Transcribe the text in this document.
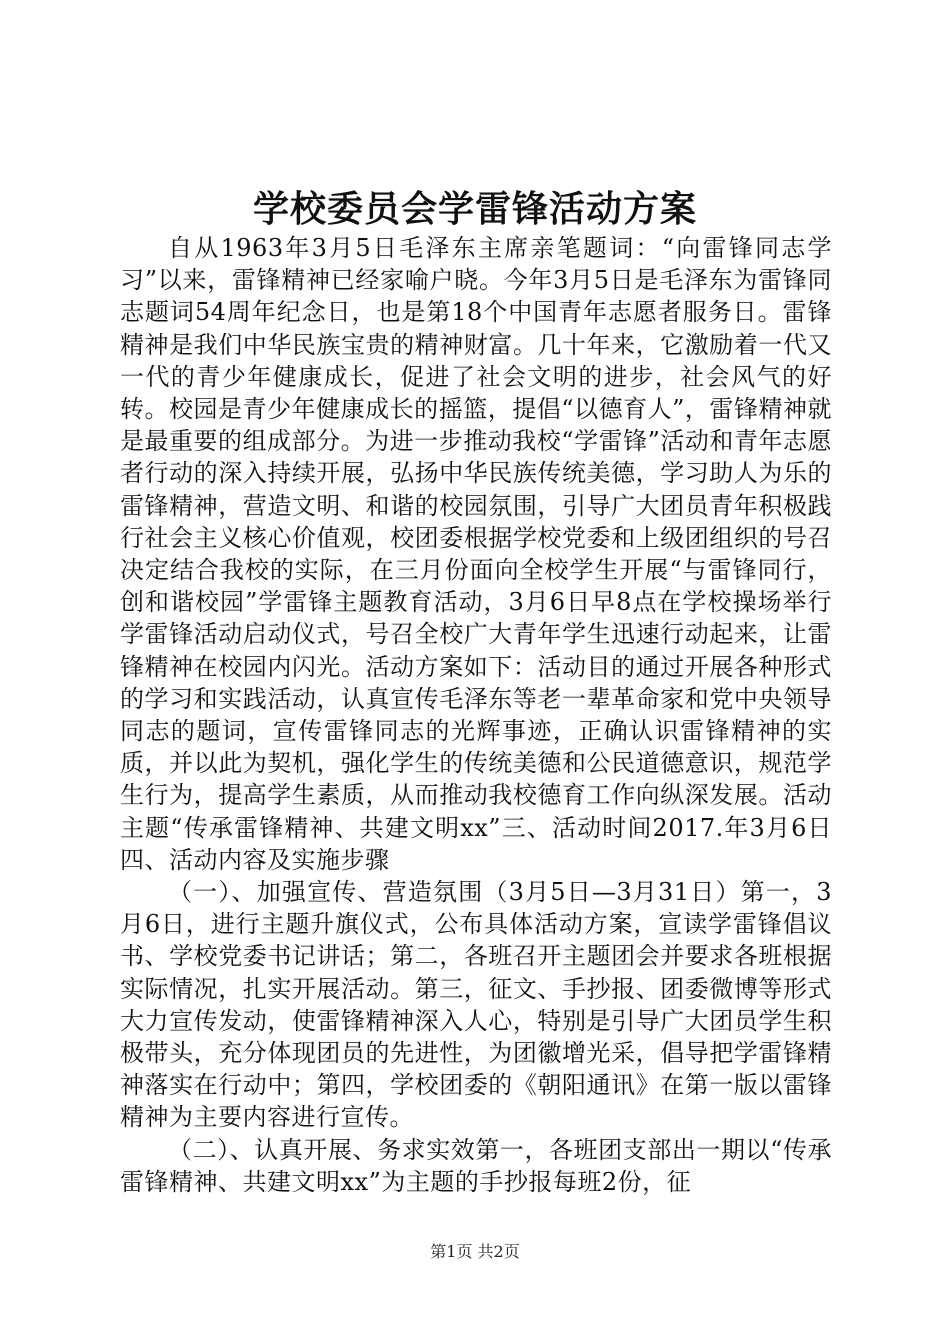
学校委员会学雷锋活动方案

自从1963年3月5日毛泽东主席亲笔题词：“向雷锋同志学习”以来，雷锋精神已经家喻户晓。今年3月5日是毛泽东为雷锋同志题词54周年纪念日，也是第18个中国青年志愿者服务日。雷锋精神是我们中华民族宝贵的精神财富。几十年来，它激励着一代又一代的青少年健康成长，促进了社会文明的进步，社会风气的好转。校园是青少年健康成长的摇篮，提倡“以德育人”，雷锋精神就是最重要的组成部分。为进一步推动我校“学雷锋”活动和青年志愿者行动的深入持续开展，弘扬中华民族传统美德，学习助人为乐的雷锋精神，营造文明、和谐的校园氛围，引导广大团员青年积极践行社会主义核心价值观，校团委根据学校党委和上级团组织的号召决定结合我校的实际，在三月份面向全校学生开展“与雷锋同行，创和谐校园”学雷锋主题教育活动，3月6日早8点在学校操场举行学雷锋活动启动仪式，号召全校广大青年学生迅速行动起来，让雷锋精神在校园内闪光。活动方案如下：活动目的通过开展各种形式的学习和实践活动，认真宣传毛泽东等老一辈革命家和党中央领导同志的题词，宣传雷锋同志的光辉事迹，正确认识雷锋精神的实质，并以此为契机，强化学生的传统美德和公民道德意识，规范学生行为，提高学生素质，从而推动我校德育工作向纵深发展。活动主题“传承雷锋精神、共建文明xx”三、活动时间2017.年3月6日四、活动内容及实施步骤

（一）、加强宣传、营造氛围（3月5日—3月31日）第一，3月6日，进行主题升旗仪式，公布具体活动方案，宣读学雷锋倡议书、学校党委书记讲话；第二，各班召开主题团会并要求各班根据实际情况，扎实开展活动。第三，征文、手抄报、团委微博等形式大力宣传发动，使雷锋精神深入人心，特别是引导广大团员学生积极带头，充分体现团员的先进性，为团徽增光采，倡导把学雷锋精神落实在行动中；第四，学校团委的《朝阳通讯》在第一版以雷锋精神为主要内容进行宣传。

（二）、认真开展、务求实效第一，各班团支部出一期以“传承雷锋精神、共建文明xx”为主题的手抄报每班2份，征

第1页 共2页
